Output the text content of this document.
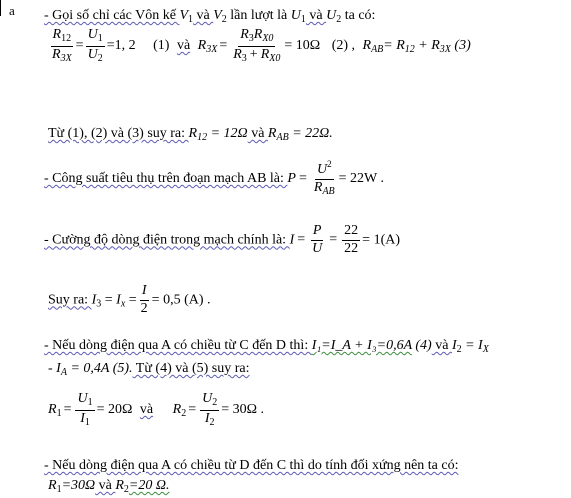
a - Gọi số chỉ các Vôn kế $V_1$ và $V_2$ lần lượt là $U_1$ và $U_2$ ta có:
$\frac{R_{12}}{R_{3X}} = \frac{U_1}{U_2} =1$, 2 (1) và $R_{3X} = \frac{R_3R_{X0}}{R_3 + R_{X0}} = 10\Omega$ (2) , $R_{AB}= R_{12} + R_{3X}$ (3)
Từ (1), (2) và (3) suy ra: $R_{12} = 12\Omega$ và $R_{AB} = 22\Omega$.
- Công suất tiêu thụ trên đoạn mạch AB là: $P = \frac{U^2}{R_{AB}} = 22W$ .
- Cường độ dòng điện trong mạch chính là: $I = \frac{P}{U} = \frac{22}{22} = 1(A)$
Suy ra: $I_3 = I_x = \frac{I}{2} = 0,5$ (A) .
- Nếu dòng điện qua A có chiều từ C đến D thì: I₁=I_A + I₃=0,6A (4) và $I_2 = I_X$
- $I_A = 0,4A$ (5). Từ (4) và (5) suy ra:
$R_1 = \frac{U_1}{I_1} = 20\Omega$ và $R_2 = \frac{U_2}{I_2} = 30\Omega$ .
- Nếu dòng điện qua A có chiều từ D đến C thì do tính đối xứng nên ta có:
$R_1=30\Omega$ và $R_2=20$ Ω.
